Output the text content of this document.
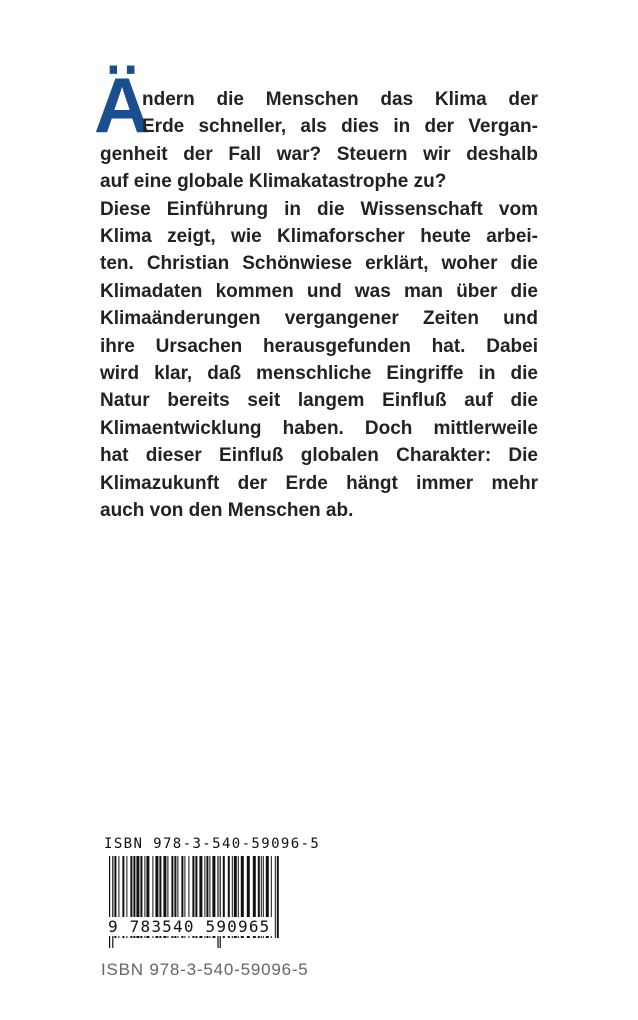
Ä
ndern die Menschen das Klima der
Erde schneller, als dies in der Vergan-
genheit der Fall war? Steuern wir deshalb
auf eine globale Klimakatastrophe zu?
Diese Einführung in die Wissenschaft vom
Klima zeigt, wie Klimaforscher heute arbei-
ten. Christian Schönwiese erklärt, woher die
Klimadaten kommen und was man über die
Klimaänderungen vergangener Zeiten und
ihre Ursachen herausgefunden hat. Dabei
wird klar, daß menschliche Eingriffe in die
Natur bereits seit langem Einfluß auf die
Klimaentwicklung haben. Doch mittlerweile
hat dieser Einfluß globalen Charakter: Die
Klimazukunft der Erde hängt immer mehr
auch von den Menschen ab.
ISBN 978-3-540-59096-5
9 783540 590965
ISBN 978-3-540-59096-5
